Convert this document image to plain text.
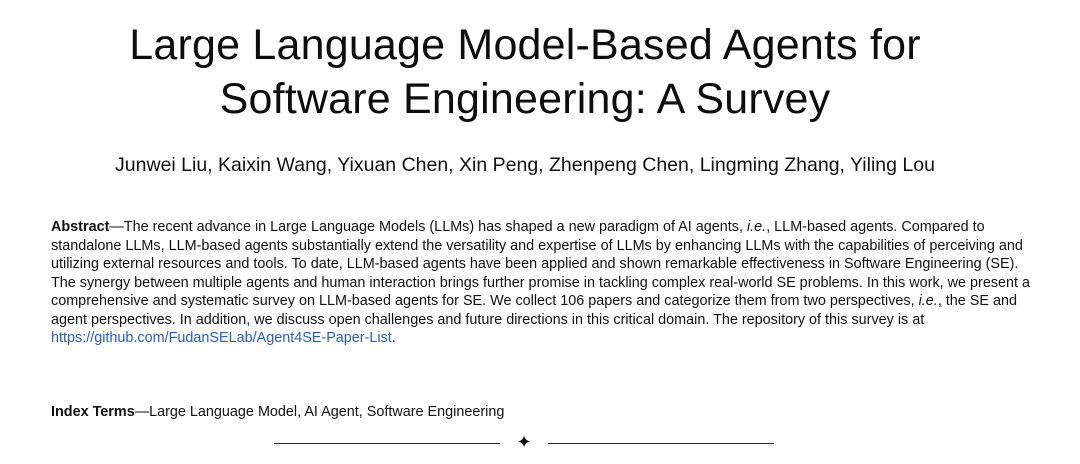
Large Language Model-Based Agents for
Software Engineering: A Survey
Junwei Liu, Kaixin Wang, Yixuan Chen, Xin Peng, Zhenpeng Chen, Lingming Zhang, Yiling Lou

Abstract—The recent advance in Large Language Models (LLMs) has shaped a new paradigm of AI agents, i.e., LLM-based agents. Compared to standalone LLMs, LLM-based agents substantially extend the versatility and expertise of LLMs by enhancing LLMs with the capabilities of perceiving and utilizing external resources and tools. To date, LLM-based agents have been applied and shown remarkable effectiveness in Software Engineering (SE). The synergy between multiple agents and human interaction brings further promise in tackling complex real-world SE problems. In this work, we present a comprehensive and systematic survey on LLM-based agents for SE. We collect 106 papers and categorize them from two perspectives, i.e., the SE and agent perspectives. In addition, we discuss open challenges and future directions in this critical domain. The repository of this survey is at https://github.com/FudanSELab/Agent4SE-Paper-List.

Index Terms—Large Language Model, AI Agent, Software Engineering

✦
